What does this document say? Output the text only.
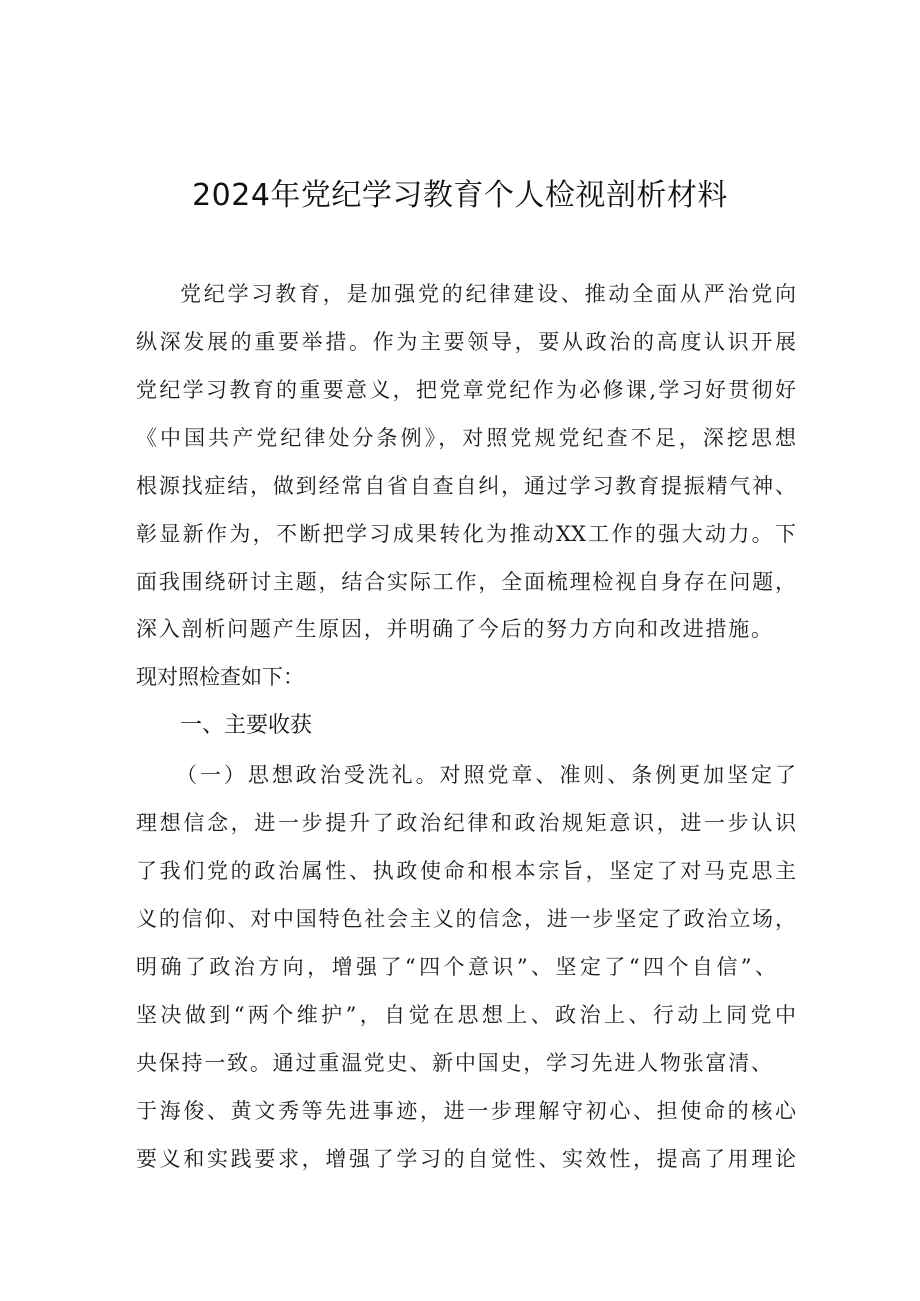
2024年党纪学习教育个人检视剖析材料
党纪学习教育，是加强党的纪律建设、推动全面从严治党向
纵深发展的重要举措。作为主要领导，要从政治的高度认识开展
党纪学习教育的重要意义，把党章党纪作为必修课,学习好贯彻好
《中国共产党纪律处分条例》，对照党规党纪查不足，深挖思想
根源找症结，做到经常自省自查自纠，通过学习教育提振精气神、
彰显新作为，不断把学习成果转化为推动XX工作的强大动力。下
面我围绕研讨主题，结合实际工作，全面梳理检视自身存在问题，
深入剖析问题产生原因，并明确了今后的努力方向和改进措施。
现对照检查如下：
一、主要收获
（一）思想政治受洗礼。对照党章、准则、条例更加坚定了
理想信念，进一步提升了政治纪律和政治规矩意识，进一步认识
了我们党的政治属性、执政使命和根本宗旨，坚定了对马克思主
义的信仰、对中国特色社会主义的信念，进一步坚定了政治立场，
明确了政治方向，增强了“四个意识”、坚定了“四个自信”、
坚决做到“两个维护”，自觉在思想上、政治上、行动上同党中
央保持一致。通过重温党史、新中国史，学习先进人物张富清、
于海俊、黄文秀等先进事迹，进一步理解守初心、担使命的核心
要义和实践要求，增强了学习的自觉性、实效性，提高了用理论
